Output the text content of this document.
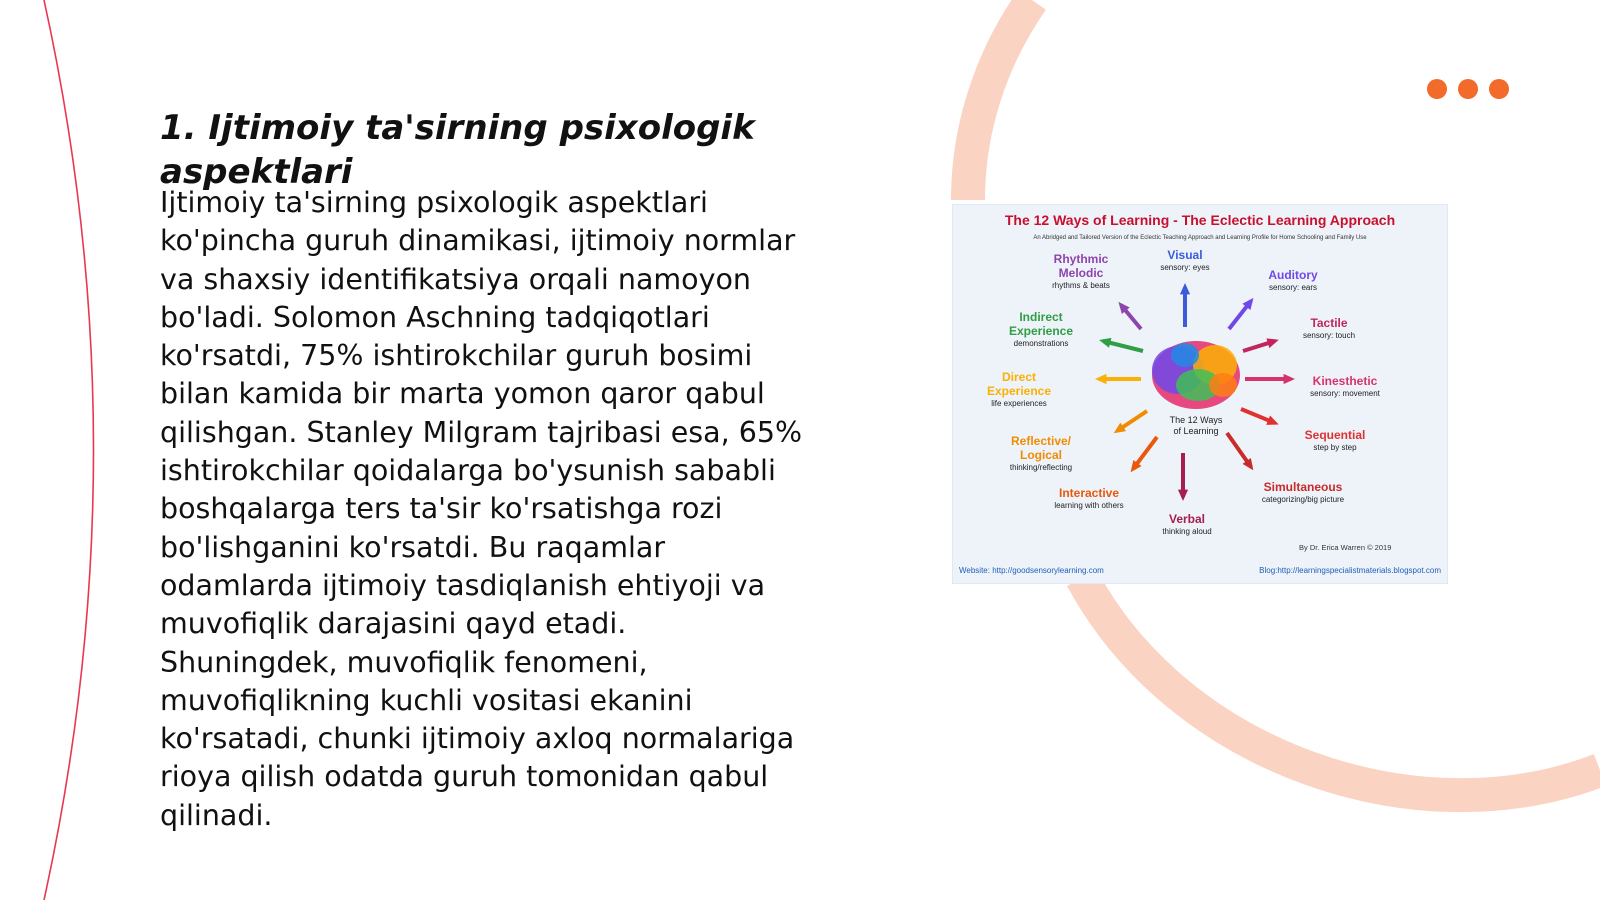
1. Ijtimoiy ta'sirning psixologik aspektlari

Ijtimoiy ta'sirning psixologik aspektlari
ko'pincha guruh dinamikasi, ijtimoiy normlar
va shaxsiy identifikatsiya orqali namoyon
bo'ladi. Solomon Aschning tadqiqotlari
ko'rsatdi, 75% ishtirokchilar guruh bosimi
bilan kamida bir marta yomon qaror qabul
qilishgan. Stanley Milgram tajribasi esa, 65%
ishtirokchilar qoidalarga bo'ysunish sababli
boshqalarga ters ta'sir ko'rsatishga rozi
bo'lishganini ko'rsatdi. Bu raqamlar
odamlarda ijtimoiy tasdiqlanish ehtiyoji va
muvofiqlik darajasini qayd etadi.
Shuningdek, muvofiqlik fenomeni,
muvofiqlikning kuchli vositasi ekanini
ko'rsatadi, chunki ijtimoiy axloq normalariga
rioya qilish odatda guruh tomonidan qabul
qilinadi.

The 12 Ways of Learning - The Eclectic Learning Approach
An Abridged and Tailored Version of the Eclectic Teaching Approach and Learning Profile for Home Schooling and Family Use
The 12 Ways
of Learning
Rhythmic
Melodic
rhythms & beats
Visual
sensory: eyes
Auditory
sensory: ears
Tactile
sensory: touch
Kinesthetic
sensory: movement
Sequential
step by step
Simultaneous
categorizing/big picture
Verbal
thinking aloud
Interactive
learning with others
Reflective/
Logical
thinking/reflecting
Direct
Experience
life experiences
Indirect
Experience
demonstrations
By Dr. Erica Warren © 2019
Website: http://goodsensorylearning.com	Blog:http://learningspecialistmaterials.blogspot.com
